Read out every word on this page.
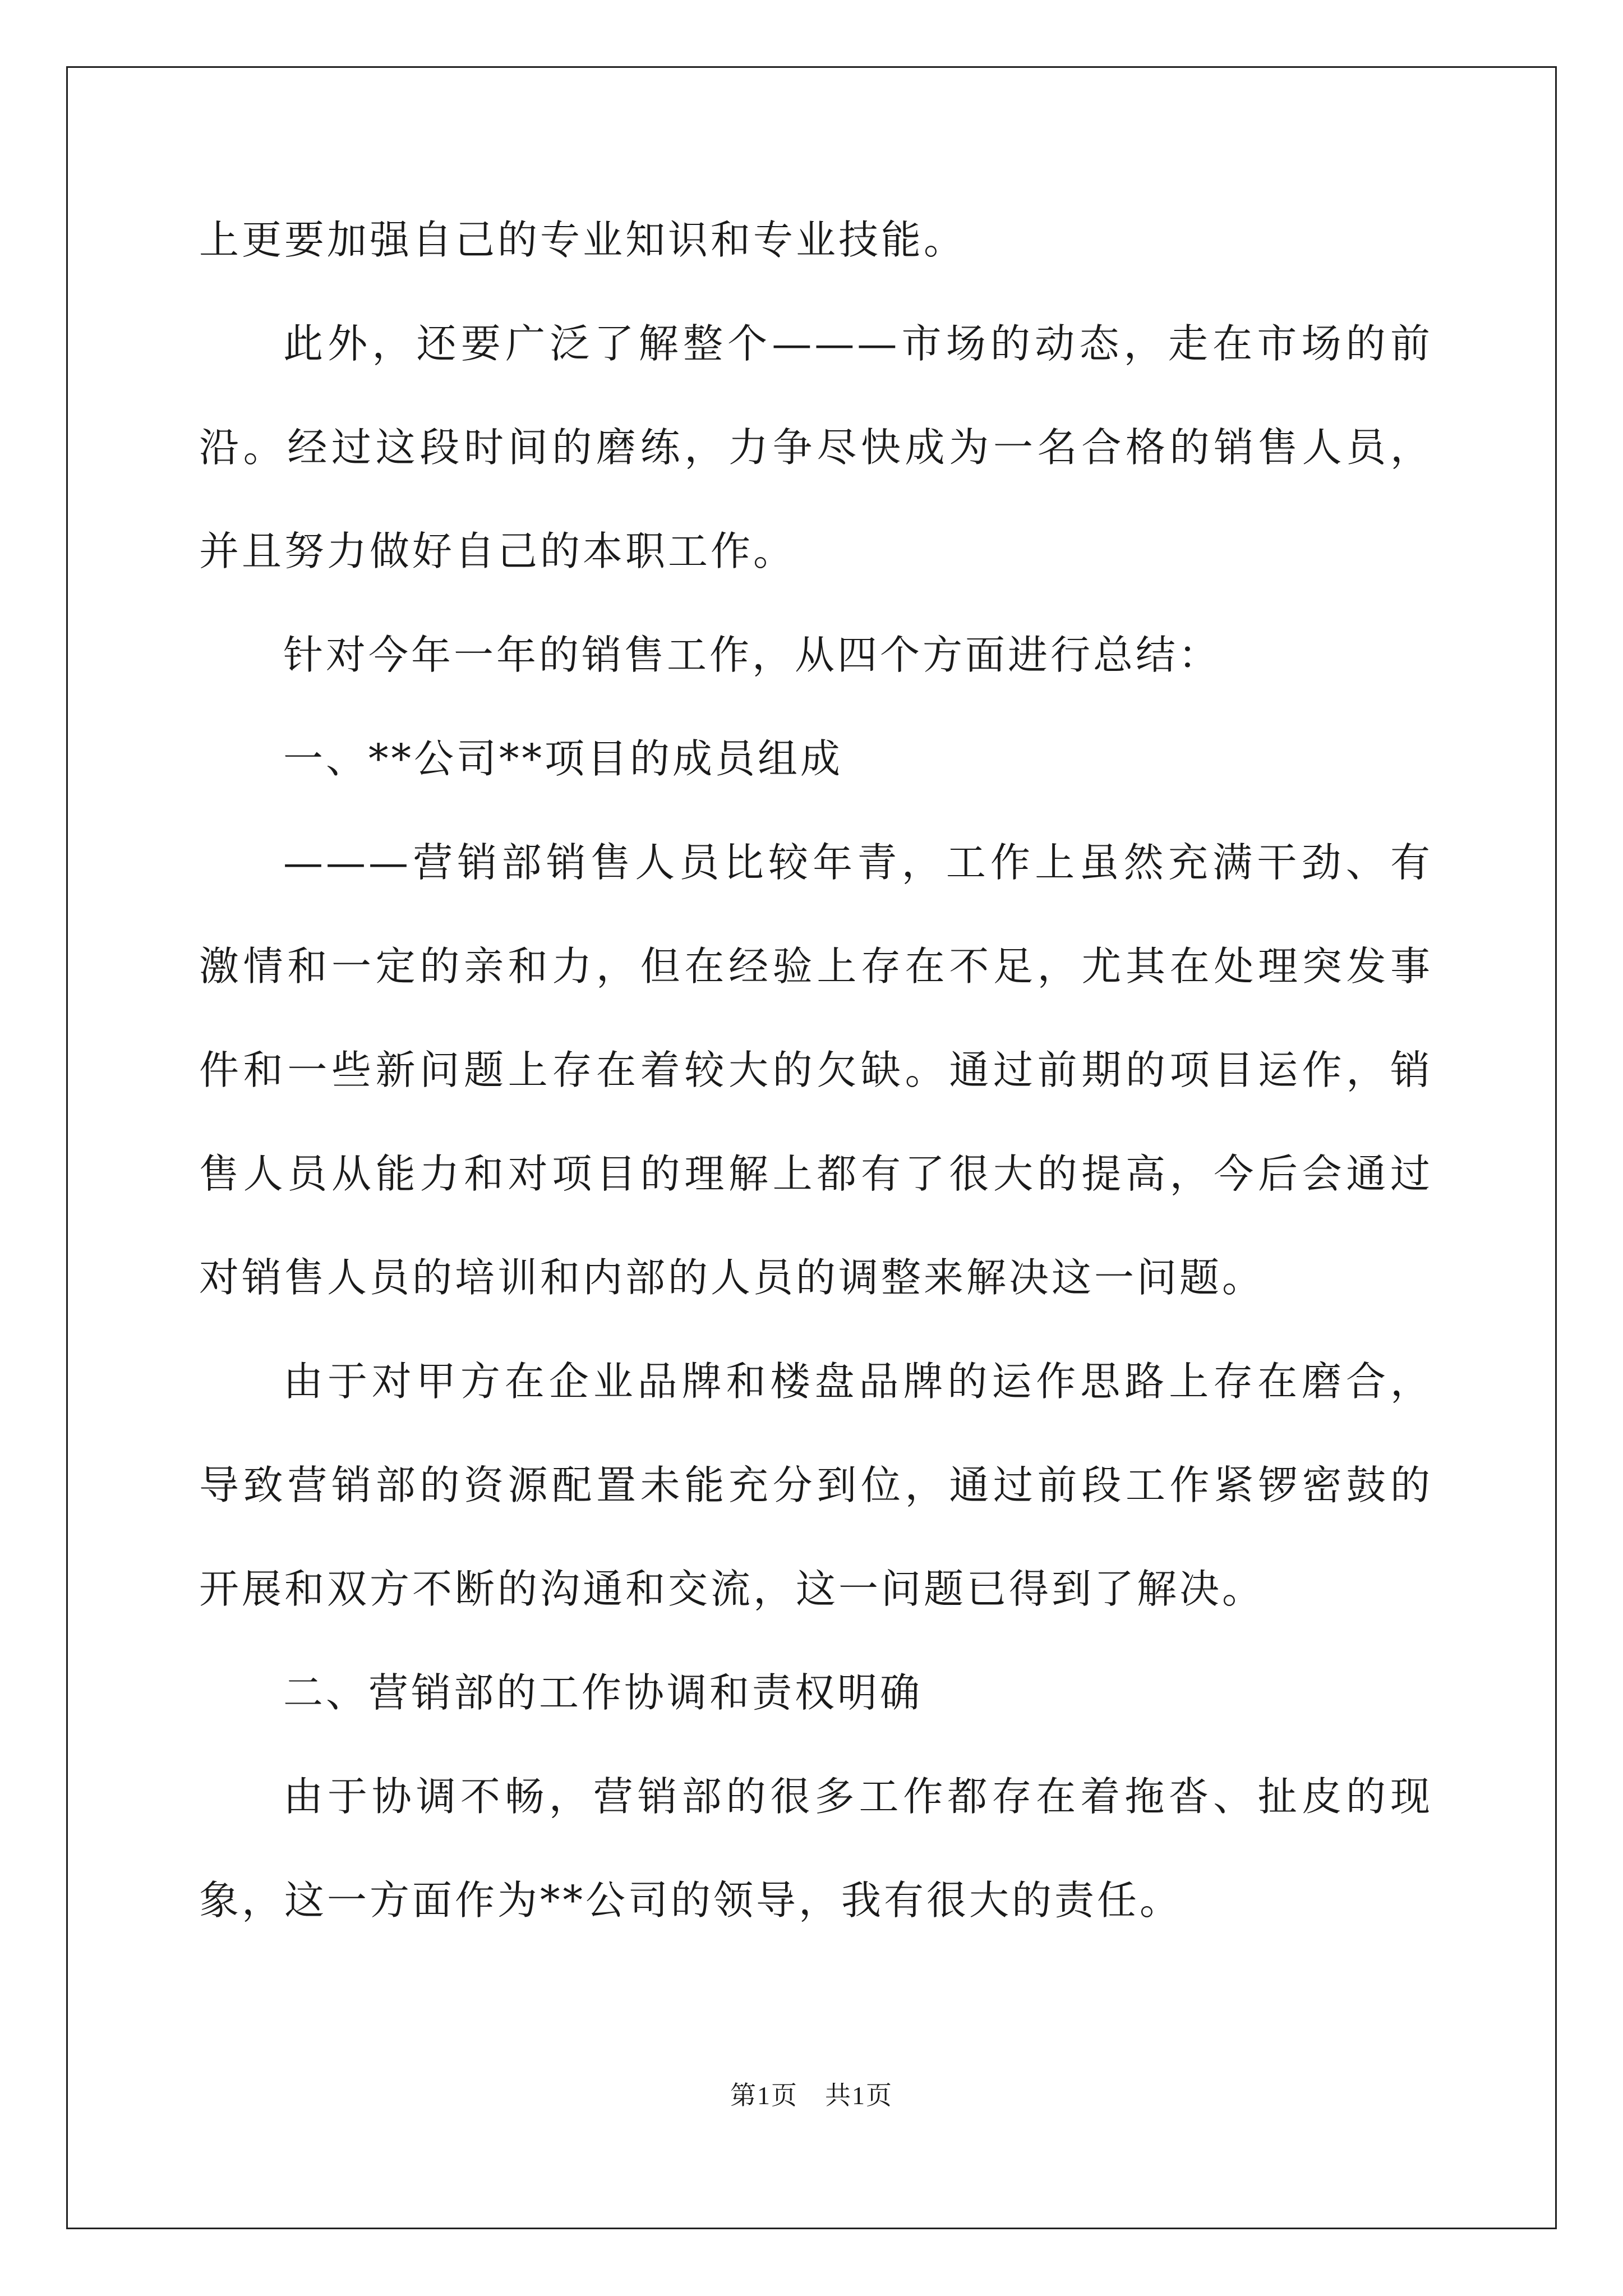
上更要加强自己的专业知识和专业技能。

此外，还要广泛了解整个———市场的动态，走在市场的前沿。经过这段时间的磨练，力争尽快成为一名合格的销售人员，并且努力做好自己的本职工作。

针对今年一年的销售工作，从四个方面进行总结：

一、**公司**项目的成员组成

———营销部销售人员比较年青，工作上虽然充满干劲、有激情和一定的亲和力，但在经验上存在不足，尤其在处理突发事件和一些新问题上存在着较大的欠缺。通过前期的项目运作，销售人员从能力和对项目的理解上都有了很大的提高，今后会通过对销售人员的培训和内部的人员的调整来解决这一问题。

由于对甲方在企业品牌和楼盘品牌的运作思路上存在磨合，导致营销部的资源配置未能充分到位，通过前段工作紧锣密鼓的开展和双方不断的沟通和交流，这一问题已得到了解决。

二、营销部的工作协调和责权明确

由于协调不畅，营销部的很多工作都存在着拖沓、扯皮的现象，这一方面作为**公司的领导，我有很大的责任。

第1页　共1页
